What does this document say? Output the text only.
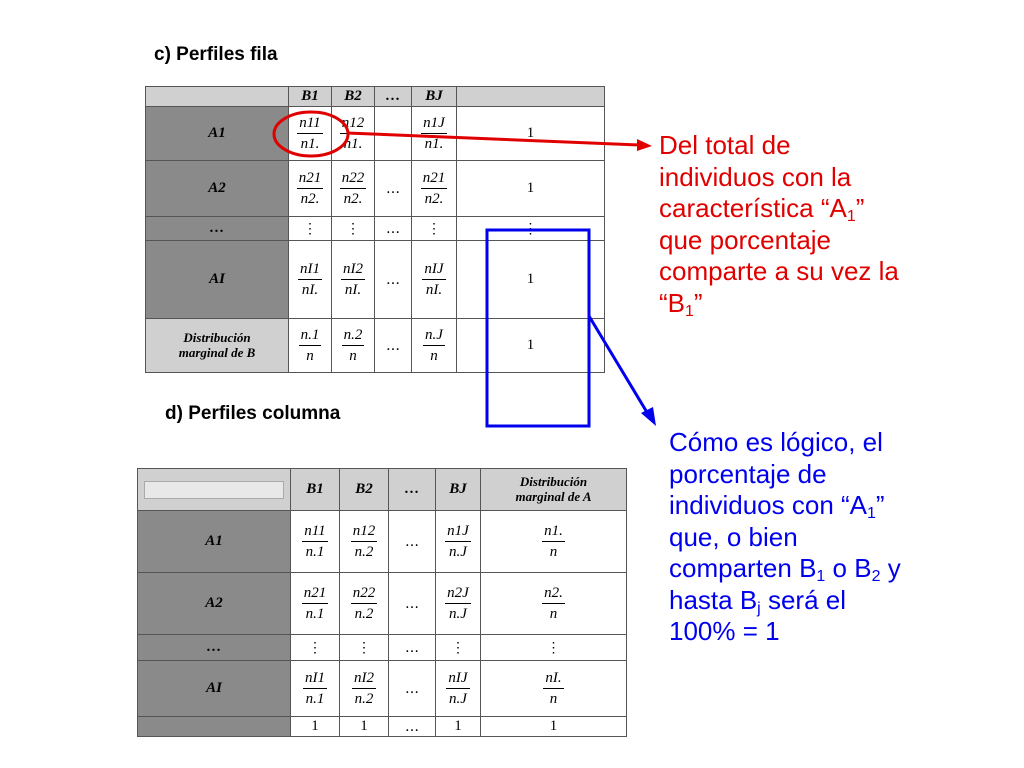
c) Perfiles fila
	B1	B2	…	BJ	
A1	$\frac{n11}{n1.}$	$\frac{n12}{n1.}$		$\frac{n1J}{n1.}$	1
A2	$\frac{n21}{n2.}$	$\frac{n22}{n2.}$	…	$\frac{n21}{n2.}$	1
…	⋮	⋮	…	⋮	⋮
AI	$\frac{nI1}{nI.}$	$\frac{nI2}{nI.}$	…	$\frac{\text{nIJ}}{nI.}$	1

Distribución
marginal de B	$\frac{n.1}{n}$	$\frac{n.2}{n}$	…	$\frac{n.J}{n}$	1
d) Perfiles columna
	B1	B2	…	BJ	Distribución
marginal de A

A1	$\frac{n11}{n.1}$	$\frac{n12}{n.2}$	…	$\frac{n1J}{n.J}$	$\frac{n1.}{n}$

A2	$\frac{n21}{n.1}$	$\frac{n22}{n.2}$	…	$\frac{n2J}{n.J}$	$\frac{n2.}{n}$

…	⋮	⋮	…	⋮	⋮
AI	$\frac{nI1}{n.1}$	$\frac{nI2}{n.2}$	…	$\frac{\text{nIJ}}{n.J}$	$\frac{nI.}{n}$

	1	1	…	1	1
Del total de
individuos con la
característica “$A_1$”
que porcentaje
comparte a su vez la
“$B_1$”
Cómo es lógico, el
porcentaje de
individuos con “$A_1$”
que, o bien
comparten $B_1$ o $B_2$ y
hasta $B_j$ será el
100% = 1
